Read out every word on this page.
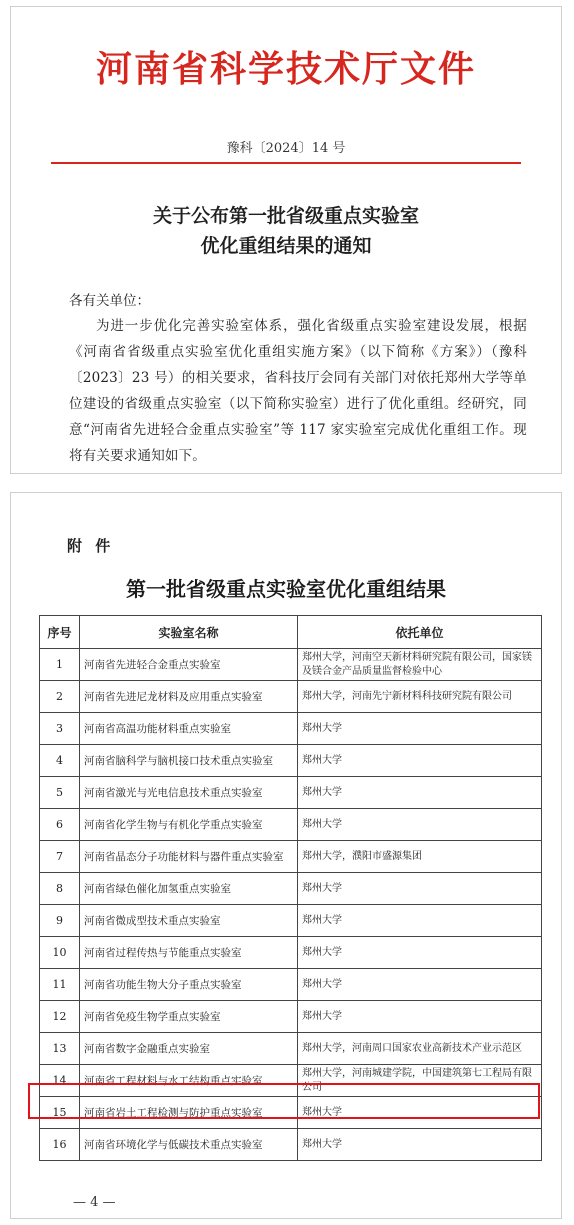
河南省科学技术厅文件
豫科〔2024〕14 号
关于公布第一批省级重点实验室
优化重组结果的通知
各有关单位：
为进一步优化完善实验室体系，强化省级重点实验室建设发展，根据《河南省省级重点实验室优化重组实施方案》（以下简称《方案》）（豫科〔2023〕23 号）的相关要求，省科技厅会同有关部门对依托郑州大学等单位建设的省级重点实验室（以下简称实验室）进行了优化重组。经研究，同意“河南省先进轻合金重点实验室”等 117 家实验室完成优化重组工作。现将有关要求通知如下。
附 件
第一批省级重点实验室优化重组结果
序号	实验室名称	依托单位
1	河南省先进轻合金重点实验室	郑州大学，河南空天新材料研究院有限公司，国家镁及镁合金产品质量监督检验中心
2	河南省先进尼龙材料及应用重点实验室	郑州大学，河南先宁新材料科技研究院有限公司
3	河南省高温功能材料重点实验室	郑州大学
4	河南省脑科学与脑机接口技术重点实验室	郑州大学
5	河南省激光与光电信息技术重点实验室	郑州大学
6	河南省化学生物与有机化学重点实验室	郑州大学
7	河南省晶态分子功能材料与器件重点实验室	郑州大学，濮阳市盛源集团
8	河南省绿色催化加氢重点实验室	郑州大学
9	河南省微成型技术重点实验室	郑州大学
10	河南省过程传热与节能重点实验室	郑州大学
11	河南省功能生物大分子重点实验室	郑州大学
12	河南省免疫生物学重点实验室	郑州大学
13	河南省数字金融重点实验室	郑州大学，河南周口国家农业高新技术产业示范区
14	河南省工程材料与水工结构重点实验室	郑州大学，河南城建学院，中国建筑第七工程局有限公司
15	河南省岩土工程检测与防护重点实验室	郑州大学
16	河南省环境化学与低碳技术重点实验室	郑州大学
— 4 —
